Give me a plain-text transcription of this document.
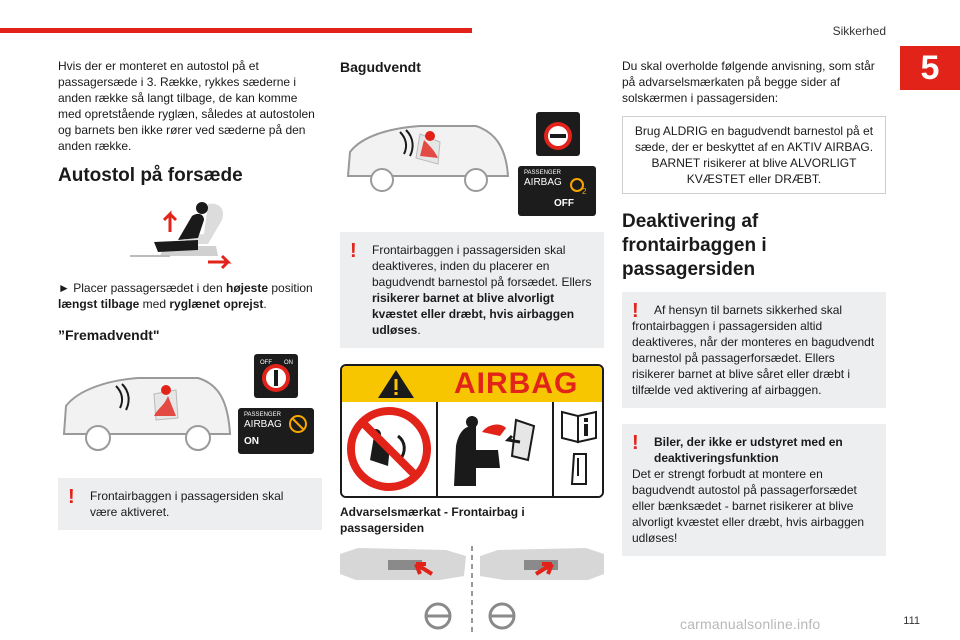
Sikkerhed
5

Hvis der er monteret en autostol på et passagersæde i 3. Række, rykkes sæderne i anden række så langt tilbage, de kan komme med opretstående ryglæn, således at autostolen og barnets ben ikke rører ved sæderne på den anden række.

Autostol på forsæde

► Placer passagersædet i den højeste position længst tilbage med ryglænet oprejst.

”Fremadvendt"
OFF ON
PASSENGER
AIRBAG
ON
!	Frontairbaggen i passagersiden skal være aktiveret.
Bagudvendt
PASSENGER
AIRBAG
OFF
2
!	Frontairbaggen i passagersiden skal deaktiveres, inden du placerer en bagudvendt barnestol på forsædet. Ellers risikerer barnet at blive alvorligt kvæstet eller dræbt, hvis airbaggen udløses.
AIRBAG
Advarselsmærkat - Frontairbag i passagersiden

Du skal overholde følgende anvisning, som står på advarselsmærkaten på begge sider af solskærmen i passagersiden:

Brug ALDRIG en bagudvendt barnestol på et sæde, der er beskyttet af en AKTIV AIRBAG. BARNET risikerer at blive ALVORLIGT KVÆSTET eller DRÆBT.
Deaktivering af frontairbaggen i passagersiden
!	Af hensyn til barnets sikkerhed skal frontairbaggen i passagersiden altid deaktiveres, når der monteres en bagudvendt barnestol på passagerforsædet. Ellers risikerer barnet at blive såret eller dræbt i tilfælde ved aktivering af airbaggen.
!	Biler, der ikke er udstyret med en deaktiveringsfunktion
Det er strengt forbudt at montere en bagudvendt autostol på passagerforsædet eller bænksædet - barnet risikerer at blive alvorligt kvæstet eller dræbt, hvis airbaggen udløses!
carmanualsonline.info	111
